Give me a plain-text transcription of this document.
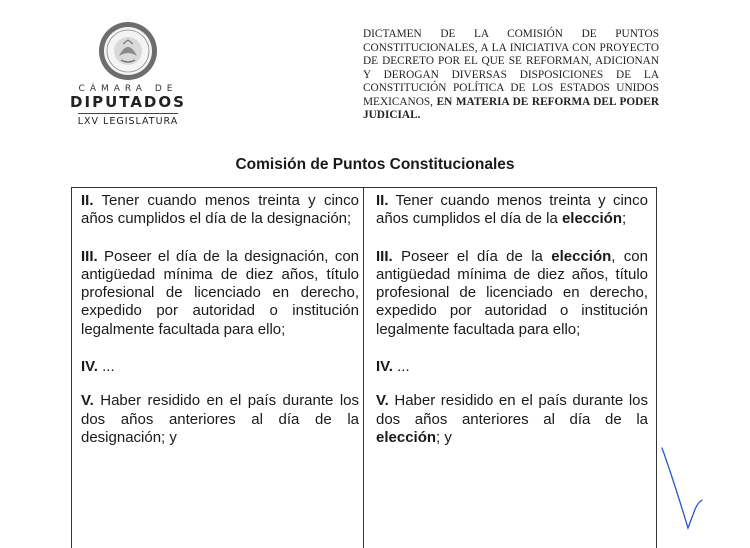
CÁMARA DE
DIPUTADOS
LXV LEGISLATURA
DICTAMEN DE LA COMISIÓN DE PUNTOS CONSTITUCIONALES, A LA INICIATIVA CON PROYECTO DE DECRETO POR EL QUE SE REFORMAN, ADICIONAN Y DEROGAN DIVERSAS DISPOSICIONES DE LA CONSTITUCIÓN POLÍTICA DE LOS ESTADOS UNIDOS MEXICANOS, EN MATERIA DE REFORMA DEL PODER JUDICIAL.
Comisión de Puntos Constitucionales

II. Tener cuando menos treinta y cinco años cumplidos el día de la designación;

III. Poseer el día de la designación, con antigüedad mínima de diez años, título profesional de licenciado en derecho, expedido por autoridad o institución legalmente facultada para ello;

IV. ...

V. Haber residido en el país durante los dos años anteriores al día de la designación; y

II. Tener cuando menos treinta y cinco años cumplidos el día de la elección;

III. Poseer el día de la elección, con antigüedad mínima de diez años, título profesional de licenciado en derecho, expedido por autoridad o institución legalmente facultada para ello;

IV. ...

V. Haber residido en el país durante los dos años anteriores al día de la elección; y
